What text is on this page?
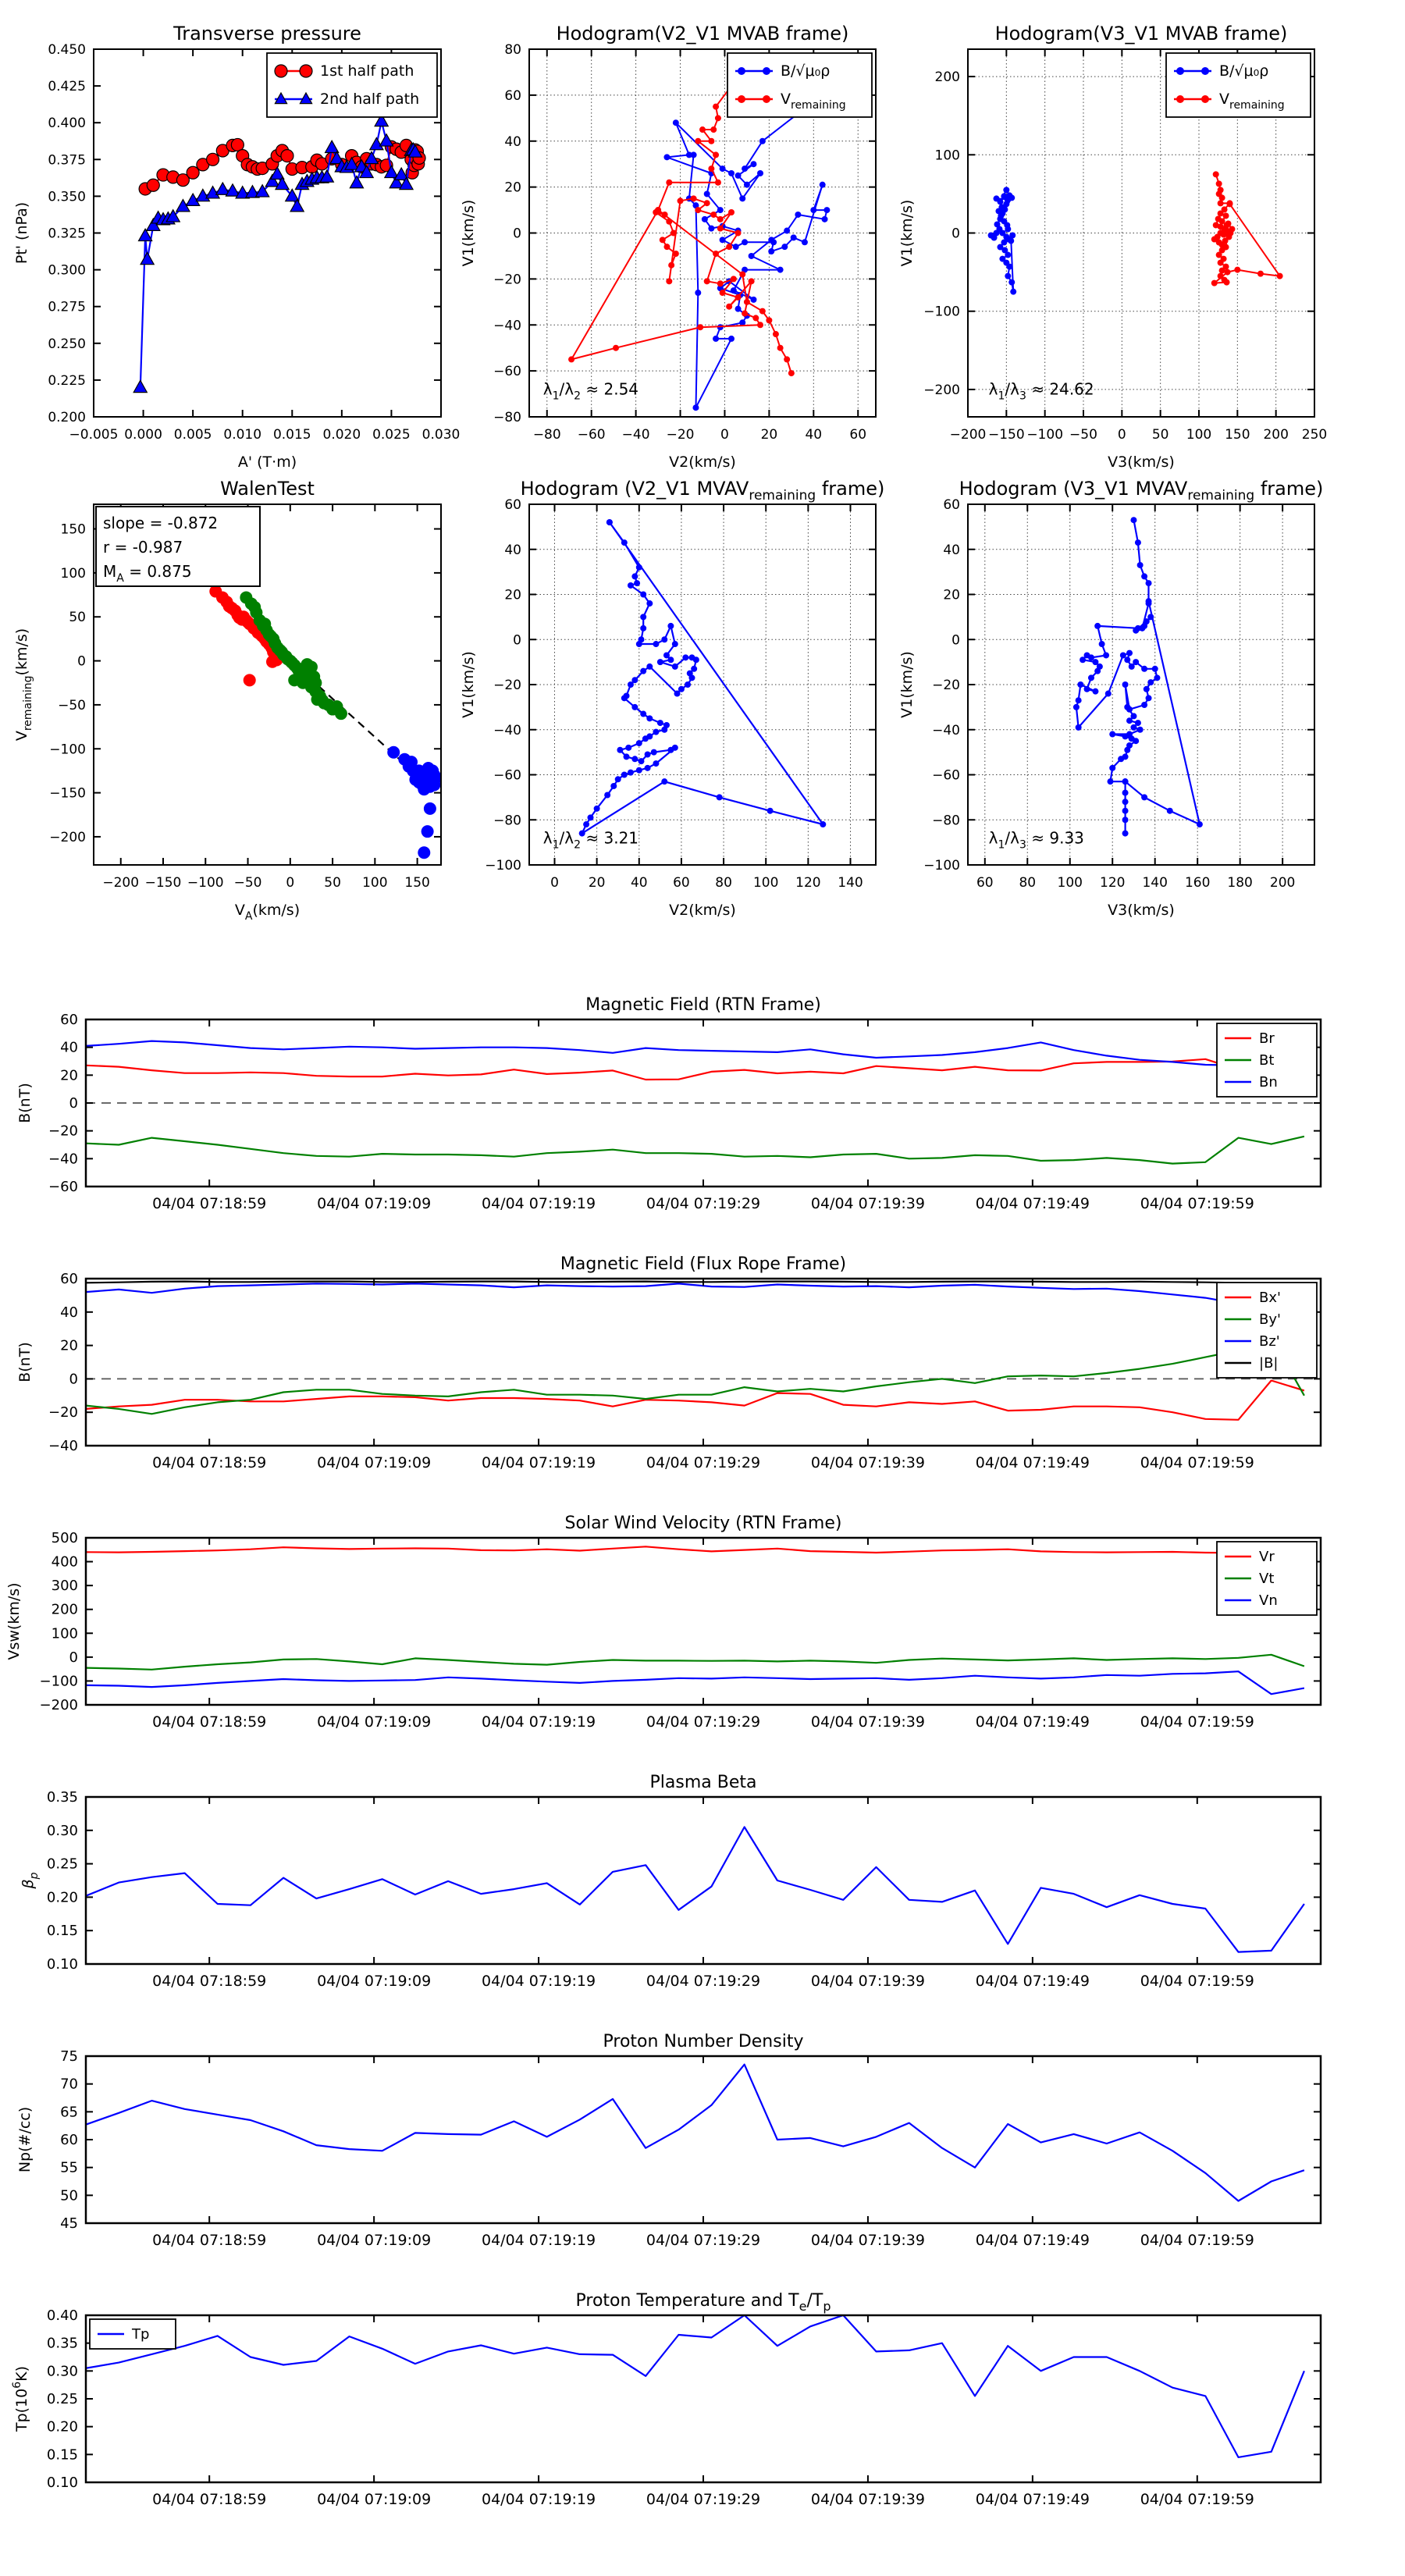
−0.005 0.000 0.005 0.010 0.015 0.020 0.025 0.030
0.200
0.225
0.250
0.275
0.300
0.325
0.350
0.375
0.400
0.425
0.450
Transverse pressure
A' (T·m)
Pt' (nPa)
1st half path
2nd half path
−80 −60 −40 −20 0 20 40 60
−80
−60
−40
−20
0
20
40
60
80
Hodogram(V2_V1 MVAB frame)
V2(km/s)
V1(km/s)
$\lambda_1/\lambda_2 \approx 2.54$
B/√μ₀ρ
$V_{remaining}$
−200 −150 −100 −50 0 50 100 150 200 250
−200
−100
0
100
200
Hodogram(V3_V1 MVAB frame)
V3(km/s)
V1(km/s)
$\lambda_1/\lambda_3 \approx 24.62$
B/√μ₀ρ
$V_{remaining}$
−200 −150 −100 −50 0 50 100 150
−200
−150
−100
−50
0
50
100
150
WalenTest
$V_A(km/s)$
$V_{remaining}(km/s)$
slope = -0.872
r = -0.987
$M_A = 0.875$
0 20 40 60 80 100 120 140
−100
−80
−60
−40
−20
0
20
40
60
Hodogram (V2_V1 $MVAV_{remaining}$ frame)
V2(km/s)
V1(km/s)
$\lambda_1/\lambda_2 \approx 3.21$
60 80 100 120 140 160 180 200
−100
−80
−60
−40
−20
0
20
40
60
Hodogram (V3_V1 $MVAV_{remaining}$ frame)
V3(km/s)
V1(km/s)
$\lambda_1/\lambda_3 \approx 9.33$
04/04 07:18:59	04/04 07:19:09	04/04 07:19:19	04/04 07:19:29	04/04 07:19:39	04/04 07:19:49	04/04 07:19:59
−60
−40
−20
0
20
40
60
Magnetic Field (RTN Frame)
B(nT)
Br
Bt
Bn
04/04 07:18:59	04/04 07:19:09	04/04 07:19:19	04/04 07:19:29	04/04 07:19:39	04/04 07:19:49	04/04 07:19:59
−40
−20
0
20
40
60
Magnetic Field (Flux Rope Frame)
B(nT)
Bx'
By'
Bz'
|B|
04/04 07:18:59	04/04 07:19:09	04/04 07:19:19	04/04 07:19:29	04/04 07:19:39	04/04 07:19:49	04/04 07:19:59
−200
−100
0
100
200
300
400
500
Solar Wind Velocity (RTN Frame)
Vsw(km/s)
Vr
Vt
Vn
04/04 07:18:59	04/04 07:19:09	04/04 07:19:19	04/04 07:19:29	04/04 07:19:39	04/04 07:19:49	04/04 07:19:59
0.10
0.15
0.20
0.25
0.30
0.35
Plasma Beta
$\beta_p$
04/04 07:18:59	04/04 07:19:09	04/04 07:19:19	04/04 07:19:29	04/04 07:19:39	04/04 07:19:49	04/04 07:19:59
45
50
55
60
65
70
75
Proton Number Density
Np(#/cc)
04/04 07:18:59	04/04 07:19:09	04/04 07:19:19	04/04 07:19:29	04/04 07:19:39	04/04 07:19:49	04/04 07:19:59
0.10
0.15
0.20
0.25
0.30
0.35
0.40
Proton Temperature and $T_e/T_p$
$Tp(10^6K)$
Tp
